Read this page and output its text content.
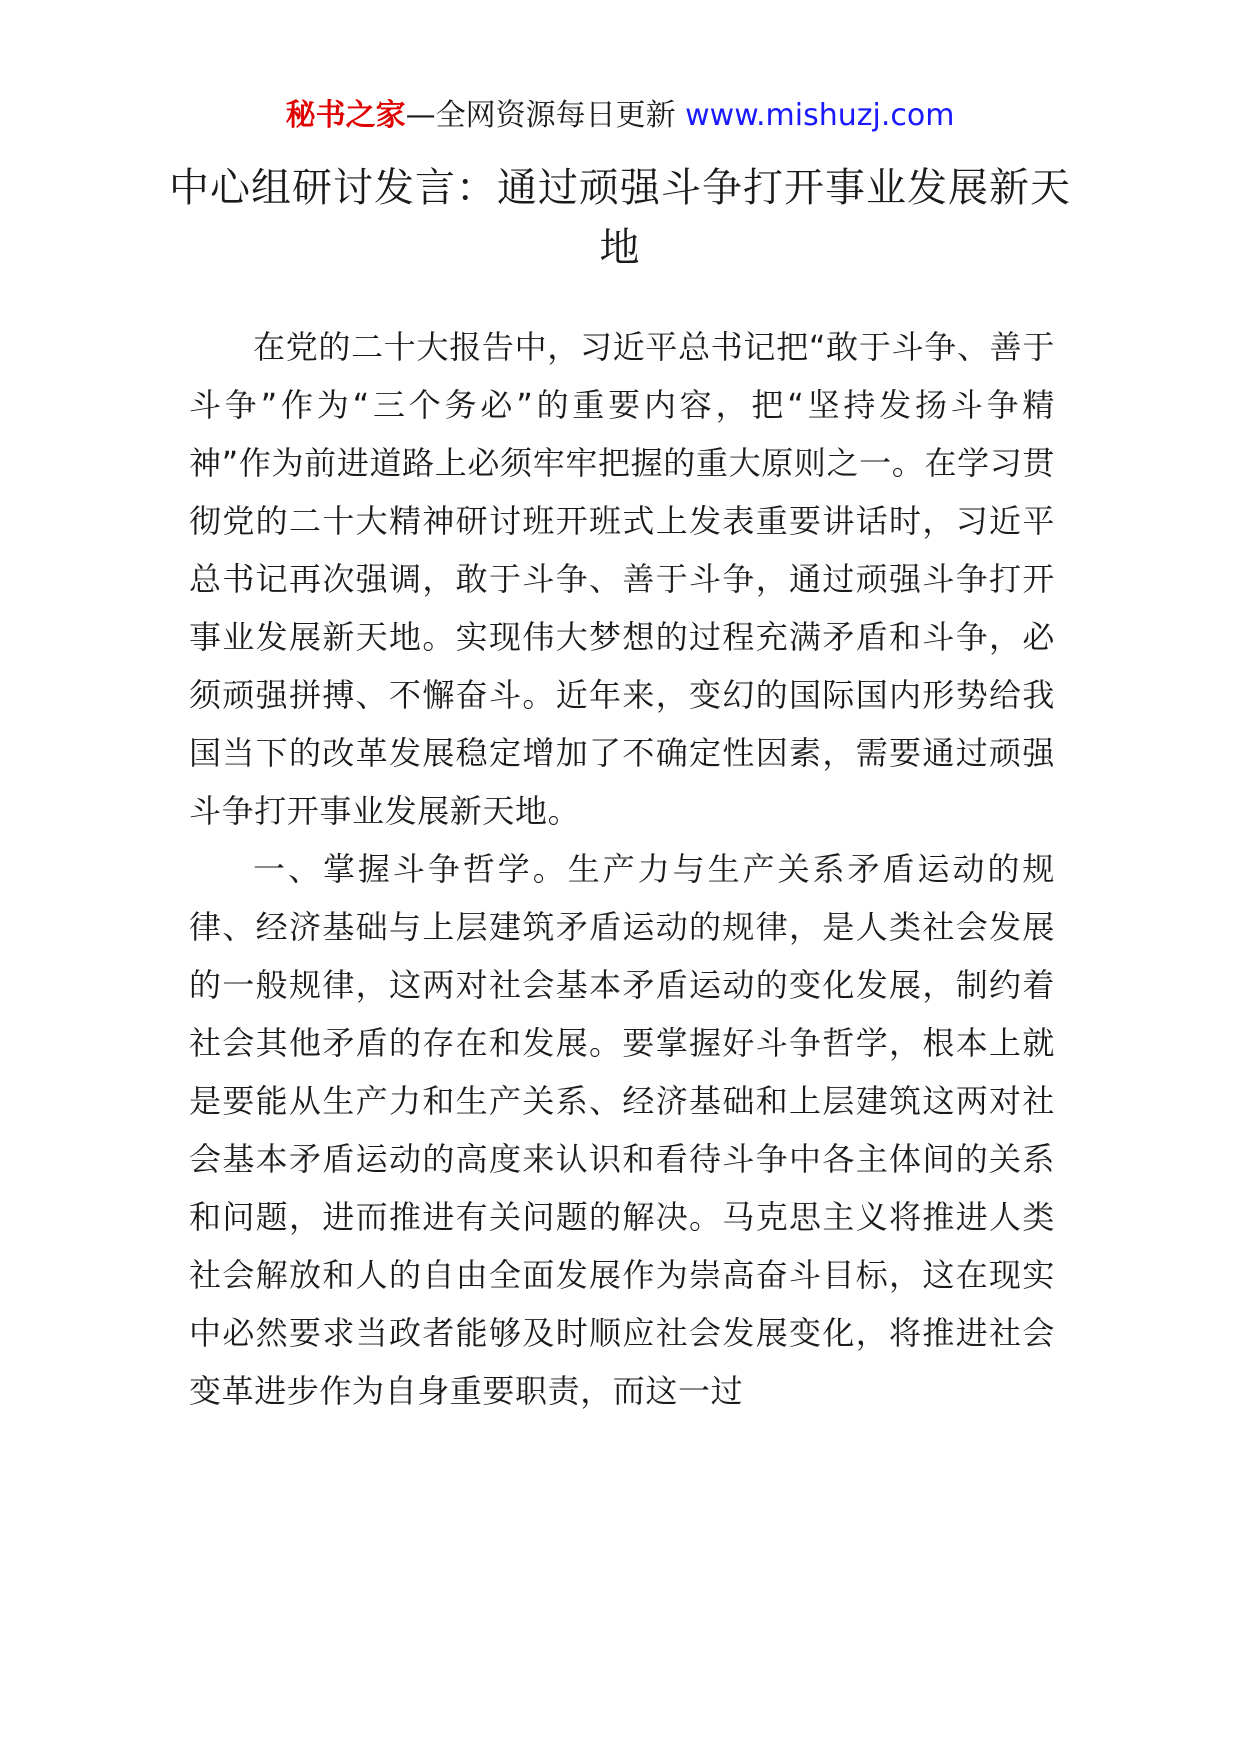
秘书之家—全网资源每日更新 www.mishuzj.com
中心组研讨发言：通过顽强斗争打开事业发展新天地

在党的二十大报告中，习近平总书记把“敢于斗争、善于斗争”作为“三个务必”的重要内容，把“坚持发扬斗争精神”作为前进道路上必须牢牢把握的重大原则之一。在学习贯彻党的二十大精神研讨班开班式上发表重要讲话时，习近平总书记再次强调，敢于斗争、善于斗争，通过顽强斗争打开事业发展新天地。实现伟大梦想的过程充满矛盾和斗争，必须顽强拼搏、不懈奋斗。近年来，变幻的国际国内形势给我国当下的改革发展稳定增加了不确定性因素，需要通过顽强斗争打开事业发展新天地。

一、掌握斗争哲学。生产力与生产关系矛盾运动的规律、经济基础与上层建筑矛盾运动的规律，是人类社会发展的一般规律，这两对社会基本矛盾运动的变化发展，制约着社会其他矛盾的存在和发展。要掌握好斗争哲学，根本上就是要能从生产力和生产关系、经济基础和上层建筑这两对社会基本矛盾运动的高度来认识和看待斗争中各主体间的关系和问题，进而推进有关问题的解决。马克思主义将推进人类社会解放和人的自由全面发展作为崇高奋斗目标，这在现实中必然要求当政者能够及时顺应社会发展变化，将推进社会变革进步作为自身重要职责，而这一过
